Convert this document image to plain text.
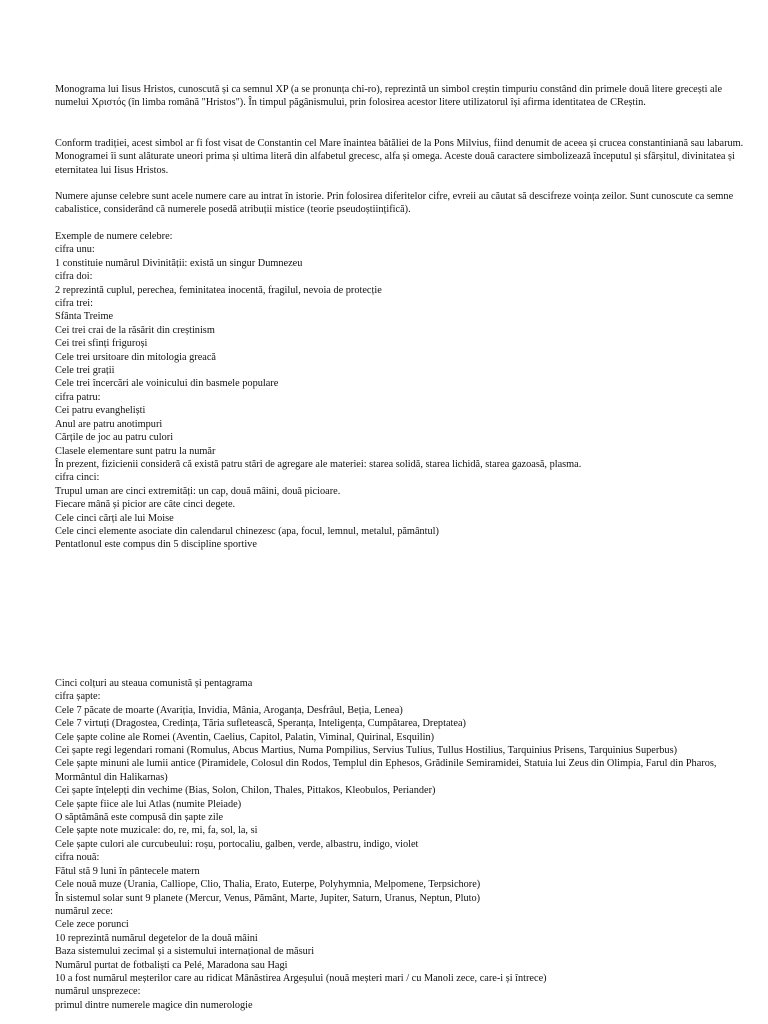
Monograma lui Iisus Hristos, cunoscută și ca semnul XP (a se pronunța chi-ro), reprezintă un simbol creștin timpuriu constând din primele două litere grecești ale numelui Χριστός (în limba română "Hristos"). În timpul păgânismului, prin folosirea acestor litere utilizatorul își afirma identitatea de CReștin.

Conform tradiției, acest simbol ar fi fost visat de Constantin cel Mare înaintea bătăliei de la Pons Milvius, fiind denumit de aceea și crucea constantiniană sau labarum. Monogramei îi sunt alăturate uneori prima și ultima literă din alfabetul grecesc, alfa și omega. Aceste două caractere simbolizează începutul și sfârșitul, divinitatea și eternitatea lui Iisus Hristos.

Numere ajunse celebre sunt acele numere care au intrat în istorie. Prin folosirea diferitelor cifre, evreii au căutat să descifreze voința zeilor. Sunt cunoscute ca semne cabalistice, considerând că numerele posedă atribuții mistice (teorie pseudoștiințifică).

Exemple de numere celebre:
cifra unu:
1 constituie numărul Divinității: există un singur Dumnezeu
cifra doi:
2 reprezintă cuplul, perechea, feminitatea inocentă, fragilul, nevoia de protecție
cifra trei:
Sfânta Treime
Cei trei crai de la răsărit din creștinism
Cei trei sfinți friguroși
Cele trei ursitoare din mitologia greacă
Cele trei grații
Cele trei încercări ale voinicului din basmele populare
cifra patru:
Cei patru evangheliști
Anul are patru anotimpuri
Cărțile de joc au patru culori
Clasele elementare sunt patru la număr
În prezent, fizicienii consideră că există patru stări de agregare ale materiei: starea solidă, starea lichidă, starea gazoasă, plasma.
cifra cinci:
Trupul uman are cinci extremități: un cap, două mâini, două picioare.
Fiecare mână și picior are câte cinci degete.
Cele cinci cărți ale lui Moise
Cele cinci elemente asociate din calendarul chinezesc (apa, focul, lemnul, metalul, pământul)
Pentatlonul este compus din 5 discipline sportive
Cinci colțuri au steaua comunistă și pentagrama
cifra șapte:
Cele 7 păcate de moarte (Avariția, Invidia, Mânia, Aroganța, Desfrâul, Beția, Lenea)
Cele 7 virtuți (Dragostea, Credința, Tăria sufletească, Speranța, Inteligența, Cumpătarea, Dreptatea)
Cele șapte coline ale Romei (Aventin, Caelius, Capitol, Palatin, Viminal, Quirinal, Esquilin)
Cei șapte regi legendari romani (Romulus, Abcus Martius, Numa Pompilius, Servius Tulius, Tullus Hostilius, Tarquinius Prisens, Tarquinius Superbus)
Cele șapte minuni ale lumii antice (Piramidele, Colosul din Rodos, Templul din Ephesos, Grădinile Semiramidei, Statuia lui Zeus din Olimpia, Farul din Pharos, Mormântul din Halikarnas)
Cei șapte înțelepți din vechime (Bias, Solon, Chilon, Thales, Pittakos, Kleobulos, Periander)
Cele șapte fiice ale lui Atlas (numite Pleiade)
O săptămână este compusă din șapte zile
Cele șapte note muzicale: do, re, mi, fa, sol, la, si
Cele șapte culori ale curcubeului: roșu, portocaliu, galben, verde, albastru, indigo, violet
cifra nouă:
Fătul stă 9 luni în pântecele matern
Cele nouă muze (Urania, Calliope, Clio, Thalia, Erato, Euterpe, Polyhymnia, Melpomene, Terpsichore)
În sistemul solar sunt 9 planete (Mercur, Venus, Pământ, Marte, Jupiter, Saturn, Uranus, Neptun, Pluto)
numărul zece:
Cele zece porunci
10 reprezintă numărul degetelor de la două mâini
Baza sistemului zecimal și a sistemului internațional de măsuri
Numărul purtat de fotbaliști ca Pelé, Maradona sau Hagi
10 a fost numărul meșterilor care au ridicat Mânăstirea Argeșului (nouă meșteri mari / cu Manoli zece, care-i și întrece)
numărul unsprezece:
primul dintre numerele magice din numerologie
